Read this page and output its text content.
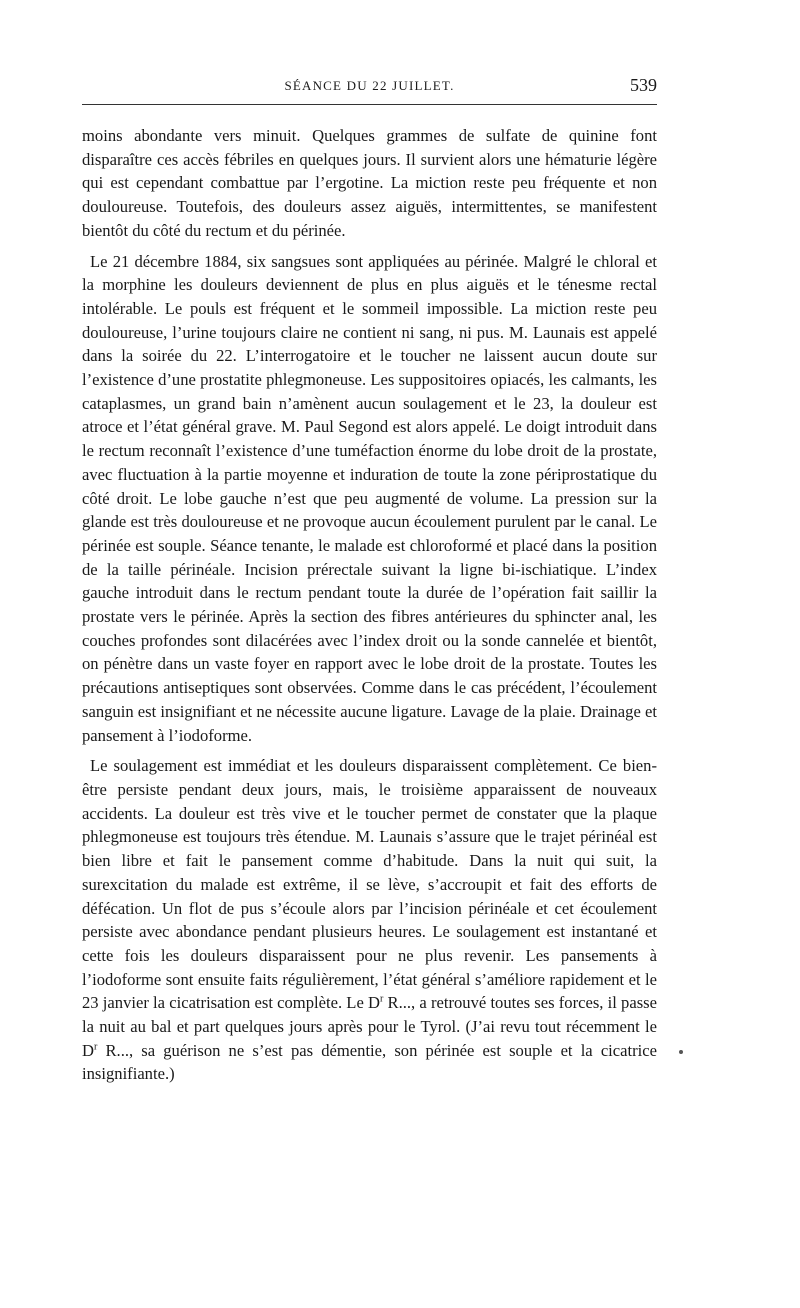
SÉANCE DU 22 JUILLET.	539

moins abondante vers minuit. Quelques grammes de sulfate de quinine font disparaître ces accès fébriles en quelques jours. Il survient alors une hématurie légère qui est cependant combattue par l’ergotine. La miction reste peu fréquente et non douloureuse. Toutefois, des douleurs assez aiguës, intermittentes, se manifestent bientôt du côté du rectum et du périnée.

Le 21 décembre 1884, six sangsues sont appliquées au périnée. Malgré le chloral et la morphine les douleurs deviennent de plus en plus aiguës et le ténesme rectal intolérable. Le pouls est fréquent et le sommeil impossible. La miction reste peu douloureuse, l’urine toujours claire ne contient ni sang, ni pus. M. Launais est appelé dans la soirée du 22. L’interrogatoire et le toucher ne laissent aucun doute sur l’existence d’une prostatite phlegmoneuse. Les suppositoires opiacés, les calmants, les cataplasmes, un grand bain n’amènent aucun soulagement et le 23, la douleur est atroce et l’état général grave. M. Paul Segond est alors appelé. Le doigt introduit dans le rectum reconnaît l’existence d’une tuméfaction énorme du lobe droit de la prostate, avec fluctuation à la partie moyenne et induration de toute la zone périprostatique du côté droit. Le lobe gauche n’est que peu augmenté de volume. La pression sur la glande est très douloureuse et ne provoque aucun écoulement purulent par le canal. Le périnée est souple. Séance tenante, le malade est chloroformé et placé dans la position de la taille périnéale. Incision prérectale suivant la ligne bi-ischiatique. L’index gauche introduit dans le rectum pendant toute la durée de l’opération fait saillir la prostate vers le périnée. Après la section des fibres antérieures du sphincter anal, les couches profondes sont dilacérées avec l’index droit ou la sonde cannelée et bientôt, on pénètre dans un vaste foyer en rapport avec le lobe droit de la prostate. Toutes les précautions antiseptiques sont observées. Comme dans le cas précédent, l’écoulement sanguin est insignifiant et ne nécessite aucune ligature. Lavage de la plaie. Drainage et pansement à l’iodoforme.

Le soulagement est immédiat et les douleurs disparaissent complètement. Ce bien-être persiste pendant deux jours, mais, le troisième apparaissent de nouveaux accidents. La douleur est très vive et le toucher permet de constater que la plaque phlegmoneuse est toujours très étendue. M. Launais s’assure que le trajet périnéal est bien libre et fait le pansement comme d’habitude. Dans la nuit qui suit, la surexcitation du malade est extrême, il se lève, s’accroupit et fait des efforts de défécation. Un flot de pus s’écoule alors par l’incision périnéale et cet écoulement persiste avec abondance pendant plusieurs heures. Le soulagement est instantané et cette fois les douleurs disparaissent pour ne plus revenir. Les pansements à l’iodoforme sont ensuite faits régulièrement, l’état général s’améliore rapidement et le 23 janvier la cicatrisation est complète. Le $D^r$ R..., a retrouvé toutes ses forces, il passe la nuit au bal et part quelques jours après pour le Tyrol. (J’ai revu tout récemment le $D^r$ R..., sa guérison ne s’est pas démentie, son périnée est souple et la cicatrice insignifiante.)
